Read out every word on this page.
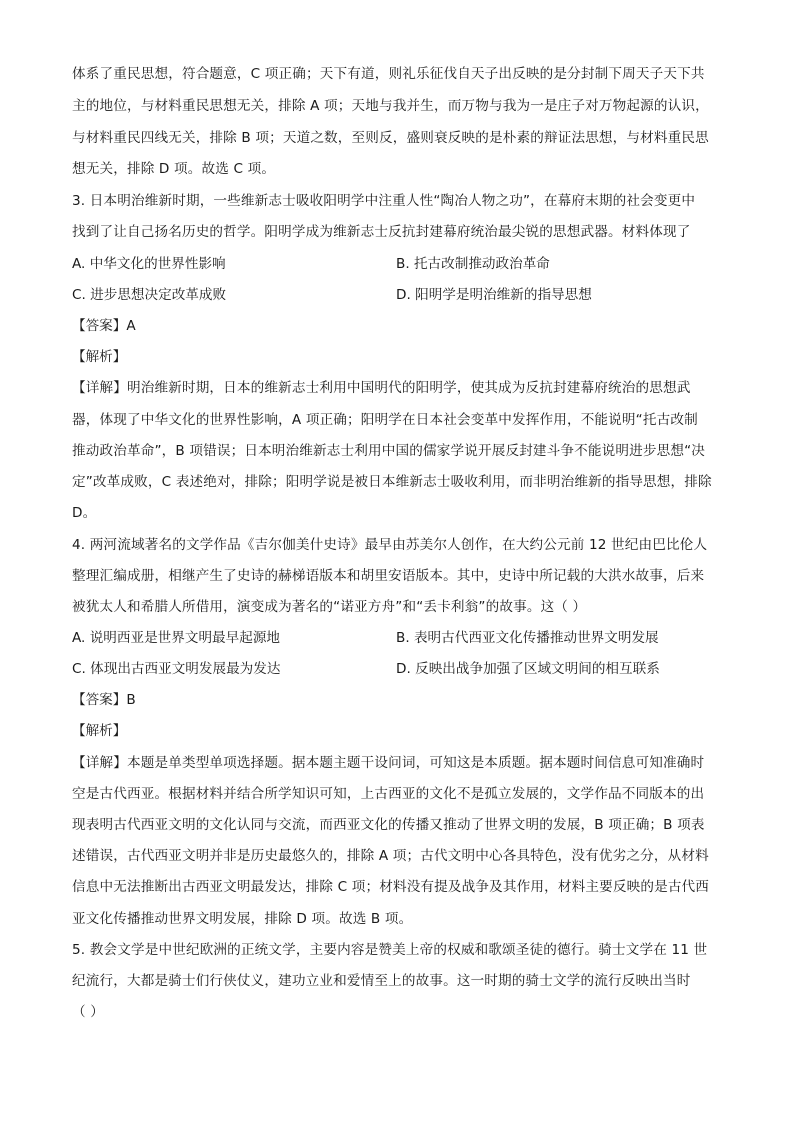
体系了重民思想，符合题意，C 项正确；天下有道，则礼乐征伐自天子出反映的是分封制下周天子天下共
主的地位，与材料重民思想无关，排除 A 项；天地与我并生，而万物与我为一是庄子对万物起源的认识，
与材料重民四线无关，排除 B 项；天道之数，至则反，盛则衰反映的是朴素的辩证法思想，与材料重民思
想无关，排除 D 项。故选 C 项。
3. 日本明治维新时期，一些维新志士吸收阳明学中注重人性“陶冶人物之功”，在幕府末期的社会变更中
找到了让自己扬名历史的哲学。阳明学成为维新志士反抗封建幕府统治最尖锐的思想武器。材料体现了
A. 中华文化的世界性影响	B. 托古改制推动政治革命
C. 进步思想决定改革成败	D. 阳明学是明治维新的指导思想
【答案】A
【解析】
【详解】明治维新时期，日本的维新志士利用中国明代的阳明学，使其成为反抗封建幕府统治的思想武
器，体现了中华文化的世界性影响，A 项正确；阳明学在日本社会变革中发挥作用，不能说明“托古改制
推动政治革命”，B 项错误；日本明治维新志士利用中国的儒家学说开展反封建斗争不能说明进步思想“决
定”改革成败，C 表述绝对，排除；阳明学说是被日本维新志士吸收利用，而非明治维新的指导思想，排除
D。
4. 两河流域著名的文学作品《吉尔伽美什史诗》最早由苏美尔人创作，在大约公元前 12 世纪由巴比伦人
整理汇编成册，相继产生了史诗的赫梯语版本和胡里安语版本。其中，史诗中所记载的大洪水故事，后来
被犹太人和希腊人所借用，演变成为著名的“诺亚方舟”和“丢卡利翁”的故事。这（ ）
A. 说明西亚是世界文明最早起源地	B. 表明古代西亚文化传播推动世界文明发展
C. 体现出古西亚文明发展最为发达	D. 反映出战争加强了区域文明间的相互联系
【答案】B
【解析】
【详解】本题是单类型单项选择题。据本题主题干设问词，可知这是本质题。据本题时间信息可知准确时
空是古代西亚。根据材料并结合所学知识可知，上古西亚的文化不是孤立发展的，文学作品不同版本的出
现表明古代西亚文明的文化认同与交流，而西亚文化的传播又推动了世界文明的发展，B 项正确；B 项表
述错误，古代西亚文明并非是历史最悠久的，排除 A 项；古代文明中心各具特色，没有优劣之分，从材料
信息中无法推断出古西亚文明最发达，排除 C 项；材料没有提及战争及其作用，材料主要反映的是古代西
亚文化传播推动世界文明发展，排除 D 项。故选 B 项。
5. 教会文学是中世纪欧洲的正统文学，主要内容是赞美上帝的权威和歌颂圣徒的德行。骑士文学在 11 世
纪流行，大都是骑士们行侠仗义，建功立业和爱情至上的故事。这一时期的骑士文学的流行反映出当时
（ ）
